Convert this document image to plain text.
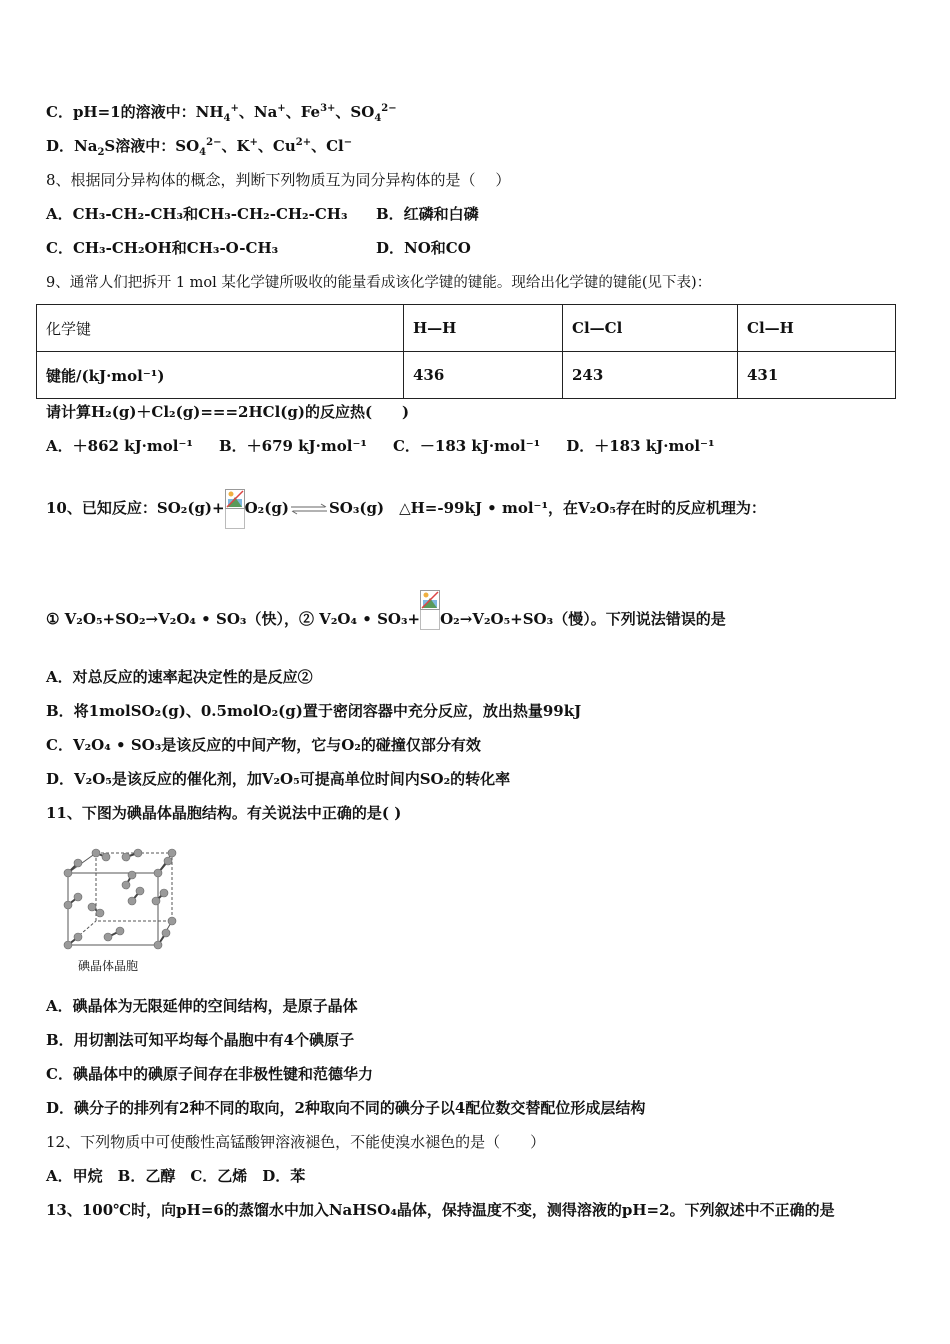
C．pH=1的溶液中：$NH_4^+$、Na+、$Fe^{3+}$、$SO_4^{2-}$
D．$Na_2S$溶液中：$SO_4^{2-}$、K+、$Cu^{2+}$、Cl−
8、根据同分异构体的概念，判断下列物质互为同分异构体的是（　 ）
A．CH₃-CH₂-CH₃和CH₃-CH₂-CH₂-CH₃ B．红磷和白磷
C．CH₃-CH₂OH和CH₃-O-CH₃	D．NO和CO
9、通常人们把拆开 1 mol 某化学键所吸收的能量看成该化学键的键能。现给出化学键的键能(见下表)：
化学键	H—H	Cl—Cl	Cl—H
键能/(kJ·mol⁻¹)	436	243	431
请计算H₂(g)＋Cl₂(g)===2HCl(g)的反应热(　　)
A．＋862 kJ·mol⁻¹ B．＋679 kJ·mol⁻¹ C．－183 kJ·mol⁻¹ D．＋183 kJ·mol⁻¹
10、已知反应：SO₂(g)+ O₂(g)⇌SO₃(g)　△H=-99kJ • mol⁻¹，在V₂O₅存在时的反应机理为：
① V₂O₅+SO₂→V₂O₄ • SO₃（快），② V₂O₄ • SO₃+ O₂→V₂O₅+SO₃（慢）。下列说法错误的是
A．对总反应的速率起决定性的是反应②
B．将1molSO₂(g)、0.5molO₂(g)置于密闭容器中充分反应，放出热量99kJ
C．V₂O₄ • SO₃是该反应的中间产物，它与O₂的碰撞仅部分有效
D．V₂O₅是该反应的催化剂，加V₂O₅可提高单位时间内SO₂的转化率
11、下图为碘晶体晶胞结构。有关说法中正确的是( )
碘晶体晶胞
A．碘晶体为无限延伸的空间结构，是原子晶体
B．用切割法可知平均每个晶胞中有4个碘原子
C．碘晶体中的碘原子间存在非极性键和范德华力
D．碘分子的排列有2种不同的取向，2种取向不同的碘分子以4配位数交替配位形成层结构
12、下列物质中可使酸性高锰酸钾溶液褪色，不能使溴水褪色的是（　　）
A．甲烷　B．乙醇　C．乙烯　D．苯
13、100℃时，向pH=6的蒸馏水中加入NaHSO₄晶体，保持温度不变，测得溶液的pH=2。下列叙述中不正确的是
